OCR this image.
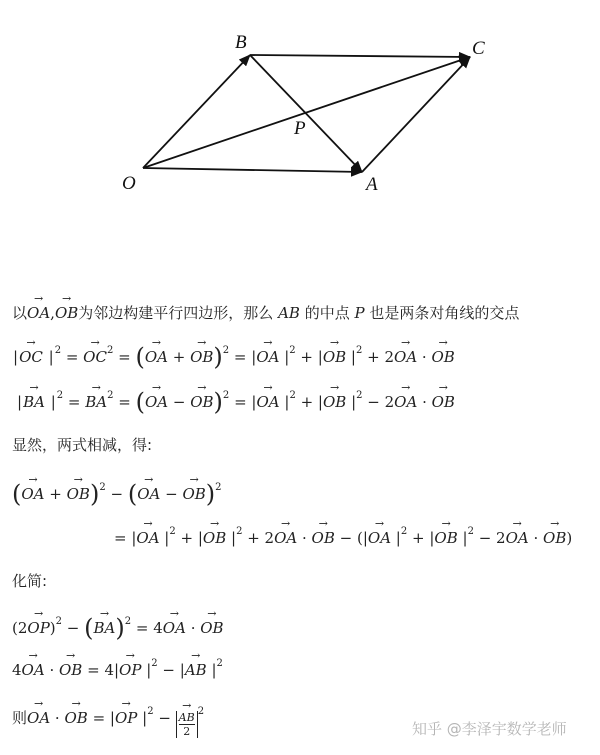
B	C
P
O	A
以→ OA,→ OB为邻边构建平行四边形，那么 AB 的中点 P 也是两条对角线的交点
|→ OC $|^2$ = → $OC^2$ = (→ OA + → OB)$^2$ = |→ OA $|^2$ + |→ OB $|^2 + 2\to$ OA · → OB
|→ BA $|^2$ = → $BA^2$ = (→ OA − → OB)$^2$ = |→ OA $|^2$ + |→ OB $|^2 - 2\to$ OA · → OB
显然，两式相减，得:
(→ OA + → OB)$^2$ − (→ OA − → OB)$^2$
= |→ OA $|^2$ + |→ OB $|^2 + 2\to$ OA · → OB − (|→ OA $|^2$ + |→ OB $|^2 - 2\to$ OA · → OB)
化简:
(2→ OP)$^2$ − (→ BA)$^2$ = 4→ OA · → OB
4→ OA · → OB = 4|→ OP $|^2$ − |→ AB $|^2$
则→ OA · → OB = |→ OP $|^2$ −
→ $\frac{AB}{2} ^2$
知乎 @李泽宇数学老师
